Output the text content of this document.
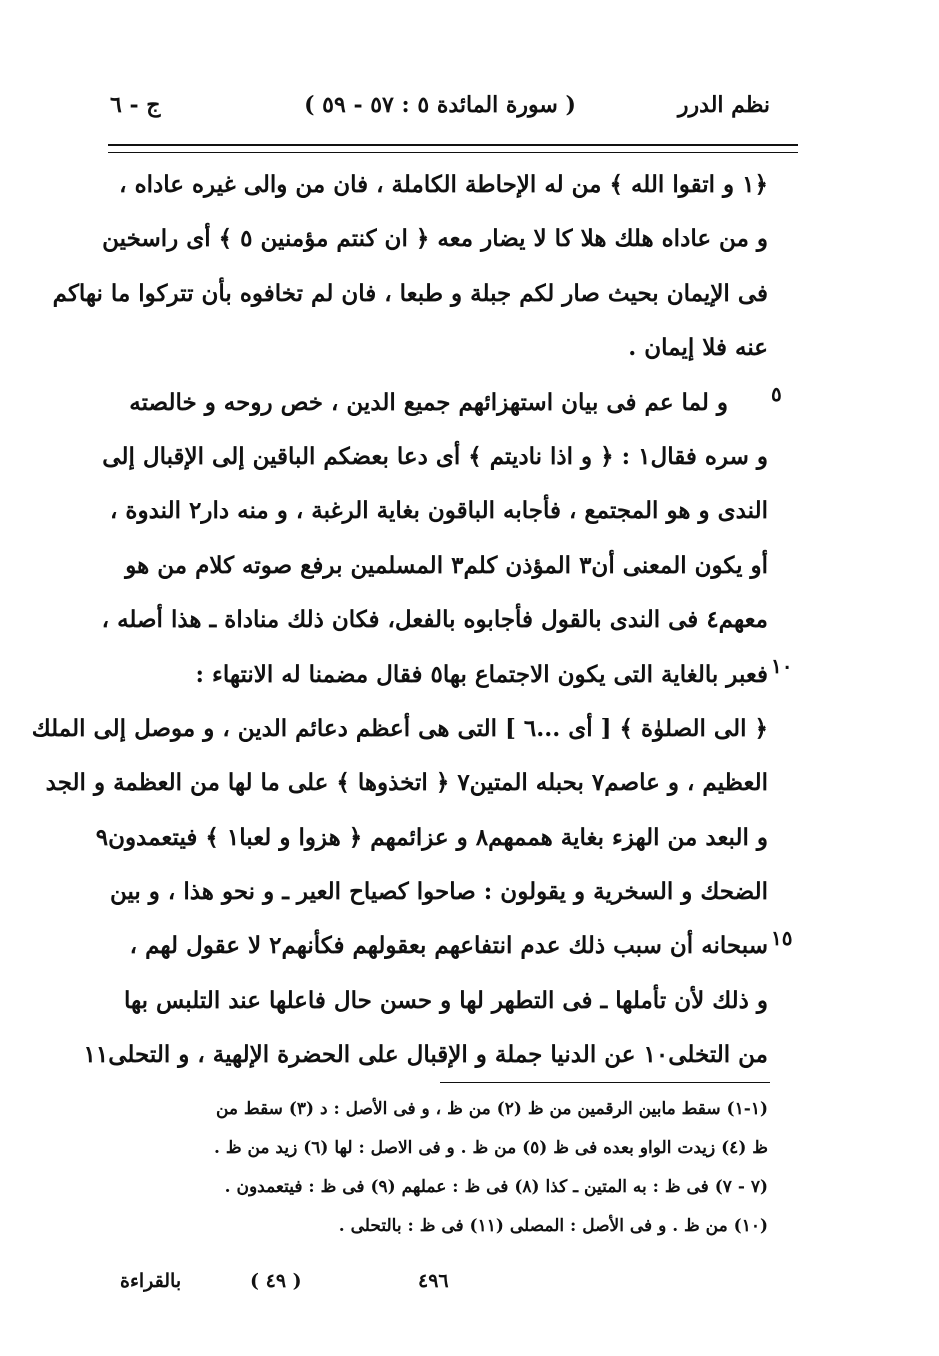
نظم الدرر
( سورة المائدة ٥ : ٥٧ - ٥٩ )
ج - ٦
﴿١ و اتقوا الله ﴾ من له الإحاطة الكاملة ، فان من والى غيره عاداه ،
و من عاداه هلك هلا كا لا يضار معه ﴿ ان كنتم مؤمنين ٥ ﴾ أى راسخين
فى الإيمان بحيث صار لكم جبلة و طبعا ، فان لم تخافوه بأن تتركوا ما نهاكم
عنه فلا إيمان .
و لما عم فى بيان استهزائهم جميع الدين ، خص روحه و خالصته
و سره فقال١ : ﴿ و اذا ناديتم ﴾ أى دعا بعضكم الباقين إلى الإقبال إلى
الندى و هو المجتمع ، فأجابه الباقون بغاية الرغبة ، و منه دار٢ الندوة ،
أو يكون المعنى أن٣ المؤذن كلم٣ المسلمين برفع صوته كلام من هو
معهم٤ فى الندى بالقول فأجابوه بالفعل، فكان ذلك مناداة ـ هذا أصله ،
فعبر بالغاية التى يكون الاجتماع بها٥ فقال مضمنا له الانتهاء :
﴿ الى الصلوٰة ﴾ [ أى ...٦ ] التى هى أعظم دعائم الدين ، و موصل إلى الملك
العظيم ، و عاصم٧ بحبله المتين٧ ﴿ اتخذوها ﴾ على ما لها من العظمة و الجد
و البعد من الهزء بغاية هممهم٨ و عزائمهم ﴿ هزوا و لعبا١ ﴾ فيتعمدون٩
الضحك و السخرية و يقولون : صاحوا كصياح العير ـ و نحو هذا ، و بين
سبحانه أن سبب ذلك عدم انتفاعهم بعقولهم فكأنهم٢ لا عقول لهم ،
و ذلك لأن تأملها ـ فى التطهر لها و حسن حال فاعلها عند التلبس بها
من التخلى١٠ عن الدنيا جملة و الإقبال على الحضرة الإلهية ، و التحلى١١
٥
١٠
١٥
(١-١) سقط مابين الرقمين من ظ (٢) من ظ ، و فى الأصل : د (٣) سقط من
ظ (٤) زيدت الواو بعده فى ظ (٥) من ظ . و فى الاصل : لها (٦) زيد من ظ .
(٧ - ٧) فى ظ : به المتين ـ كذا (٨) فى ظ : عملهم (٩) فى ظ : فيتعمدون .
(١٠) من ظ . و فى الأصل : المصلى (١١) فى ظ : بالتحلى .
٤٩٦
( ٤٩ )
بالقراءة
